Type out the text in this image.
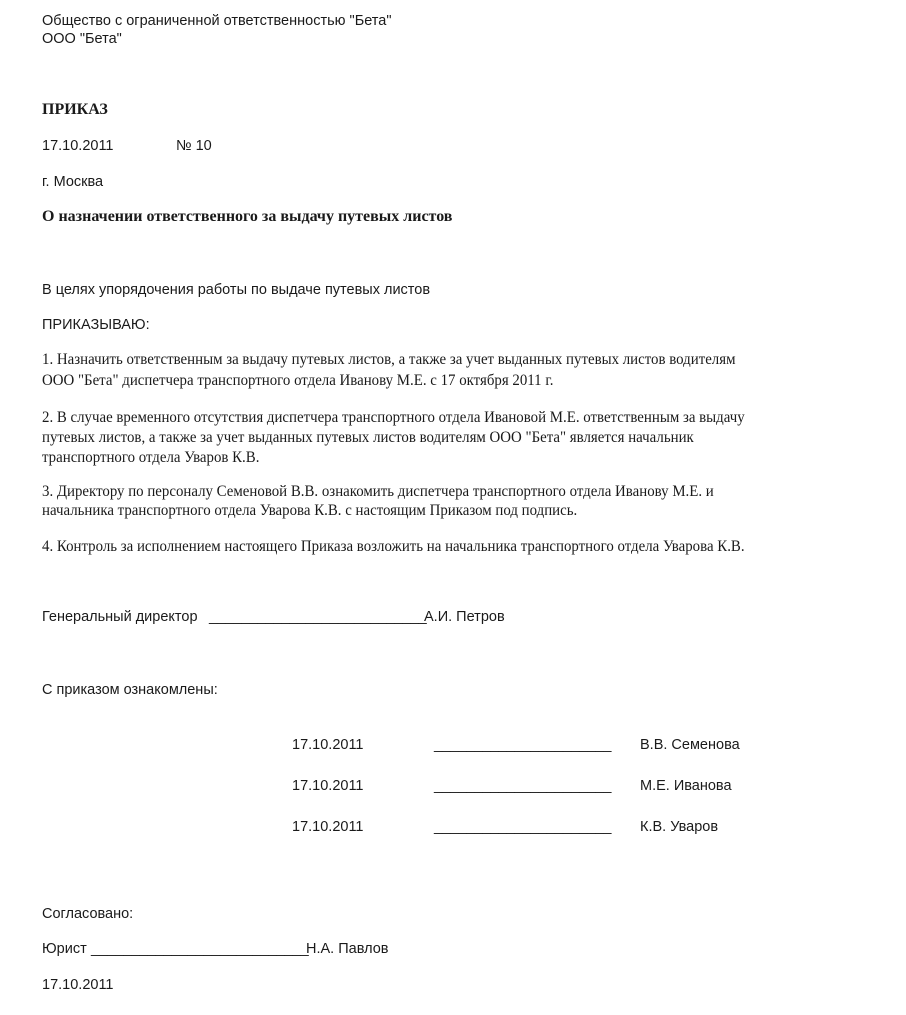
Общество с ограниченной ответственностью "Бета"
ООО "Бета"
ПРИКАЗ
17.10.2011	№ 10
г. Москва
О назначении ответственного за выдачу путевых листов
В целях упорядочения работы по выдаче путевых листов
ПРИКАЗЫВАЮ:
1. Назначить ответственным за выдачу путевых листов, а также за учет выданных путевых листов водителям
ООО "Бета" диспетчера транспортного отдела Иванову М.Е. с 17 октября 2011 г.
2. В случае временного отсутствия диспетчера транспортного отдела Ивановой М.Е. ответственным за выдачу
путевых листов, а также за учет выданных путевых листов водителям ООО "Бета" является начальник
транспортного отдела Уваров К.В.
3. Директору по персоналу Семеновой В.В. ознакомить диспетчера транспортного отдела Иванову М.Е. и
начальника транспортного отдела Уварова К.В. с настоящим Приказом под подпись.
4. Контроль за исполнением настоящего Приказа возложить на начальника транспортного отдела Уварова К.В.
Генеральный директор ___________________________
А.И. Петров
С приказом ознакомлены:
17.10.2011	______________________ В.В. Семенова
17.10.2011	______________________ М.Е. Иванова
17.10.2011	______________________ К.В. Уваров
Согласовано:
Юрист ___________________________
Н.А. Павлов
17.10.2011
